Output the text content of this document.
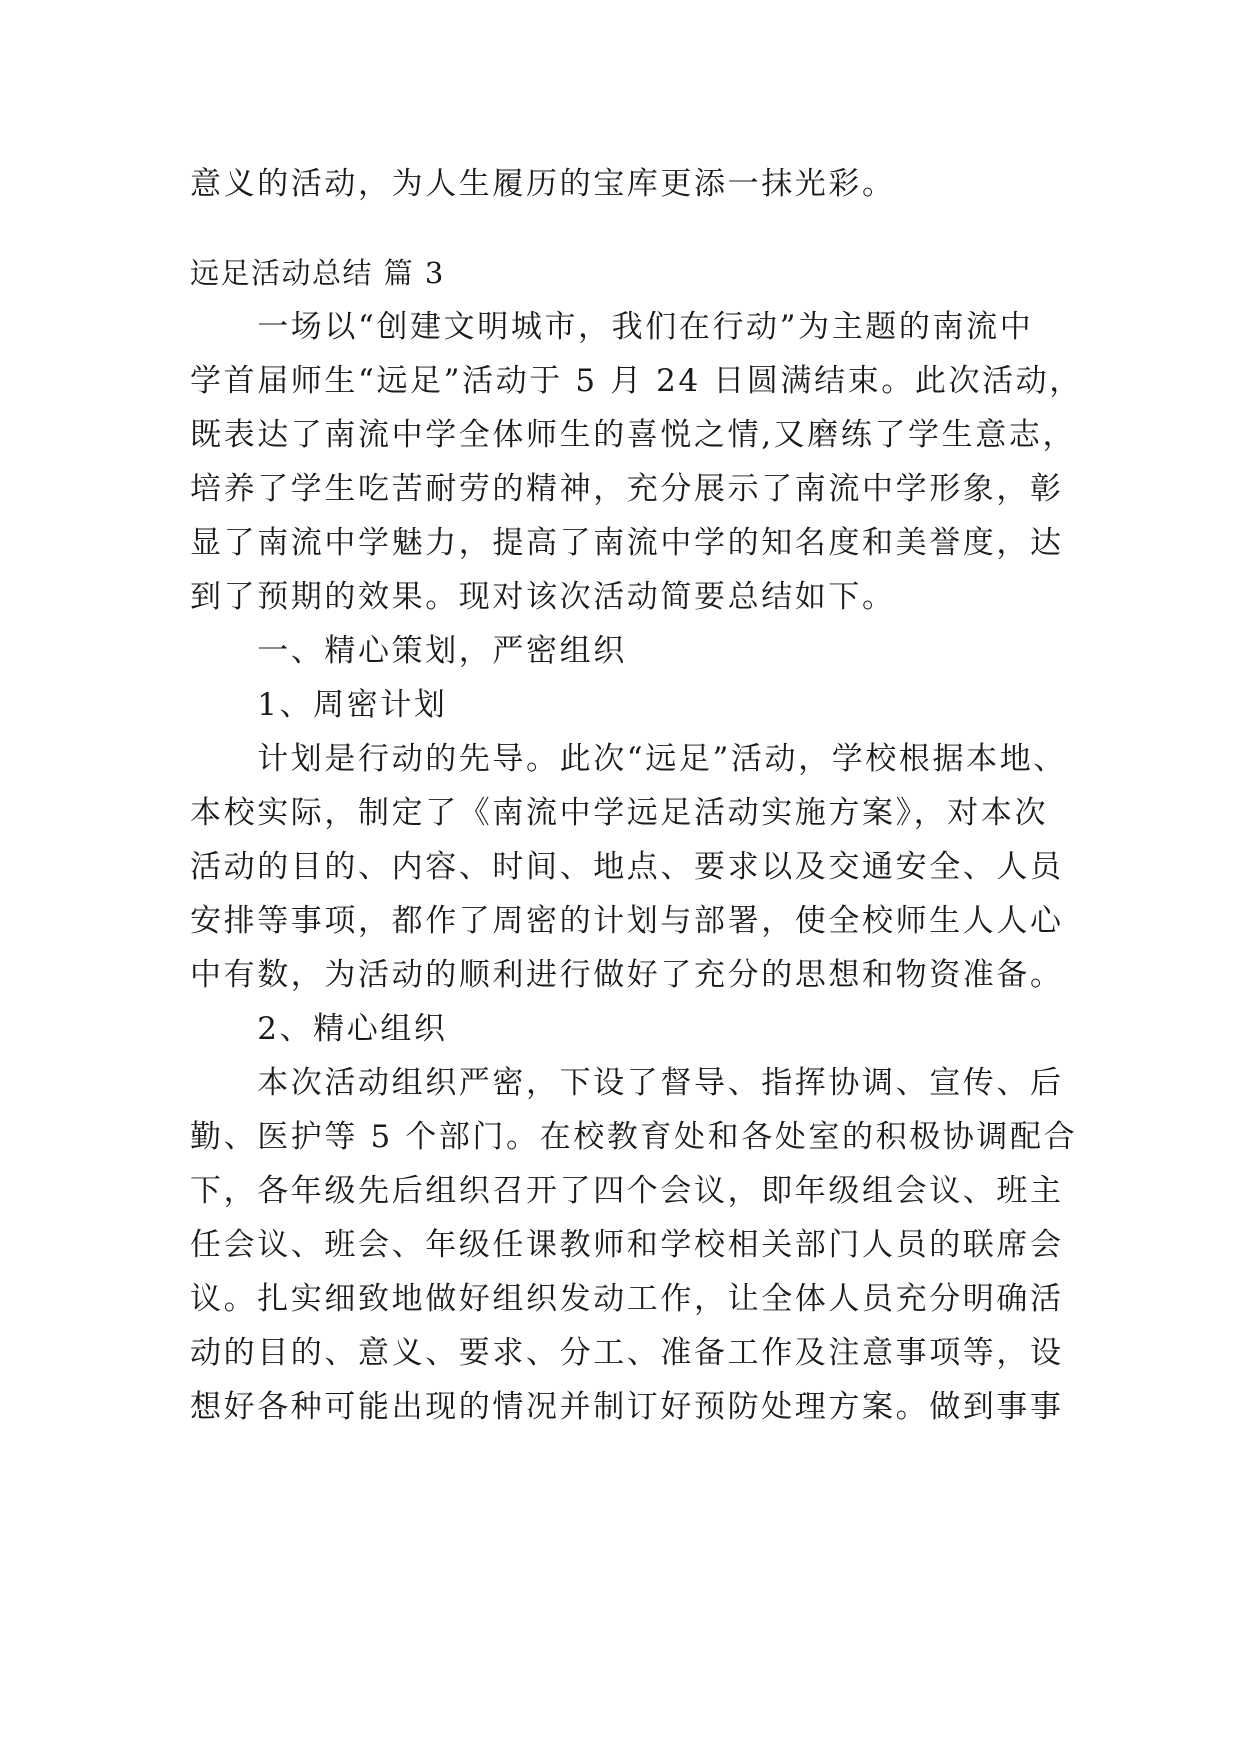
意义的活动，为人生履历的宝库更添一抹光彩。
远足活动总结 篇 3
　　一场以“创建文明城市，我们在行动”为主题的南流中
学首届师生“远足”活动于 5 月 24 日圆满结束。此次活动，
既表达了南流中学全体师生的喜悦之情,又磨练了学生意志，
培养了学生吃苦耐劳的精神，充分展示了南流中学形象，彰
显了南流中学魅力，提高了南流中学的知名度和美誉度，达
到了预期的效果。现对该次活动简要总结如下。
　　一、精心策划，严密组织
　　1、周密计划
　　计划是行动的先导。此次“远足”活动，学校根据本地、
本校实际，制定了《南流中学远足活动实施方案》，对本次
活动的目的、内容、时间、地点、要求以及交通安全、人员
安排等事项，都作了周密的计划与部署，使全校师生人人心
中有数，为活动的顺利进行做好了充分的思想和物资准备。
　　2、精心组织
　　本次活动组织严密，下设了督导、指挥协调、宣传、后
勤、医护等 5 个部门。在校教育处和各处室的积极协调配合
下，各年级先后组织召开了四个会议，即年级组会议、班主
任会议、班会、年级任课教师和学校相关部门人员的联席会
议。扎实细致地做好组织发动工作，让全体人员充分明确活
动的目的、意义、要求、分工、准备工作及注意事项等，设
想好各种可能出现的情况并制订好预防处理方案。做到事事
